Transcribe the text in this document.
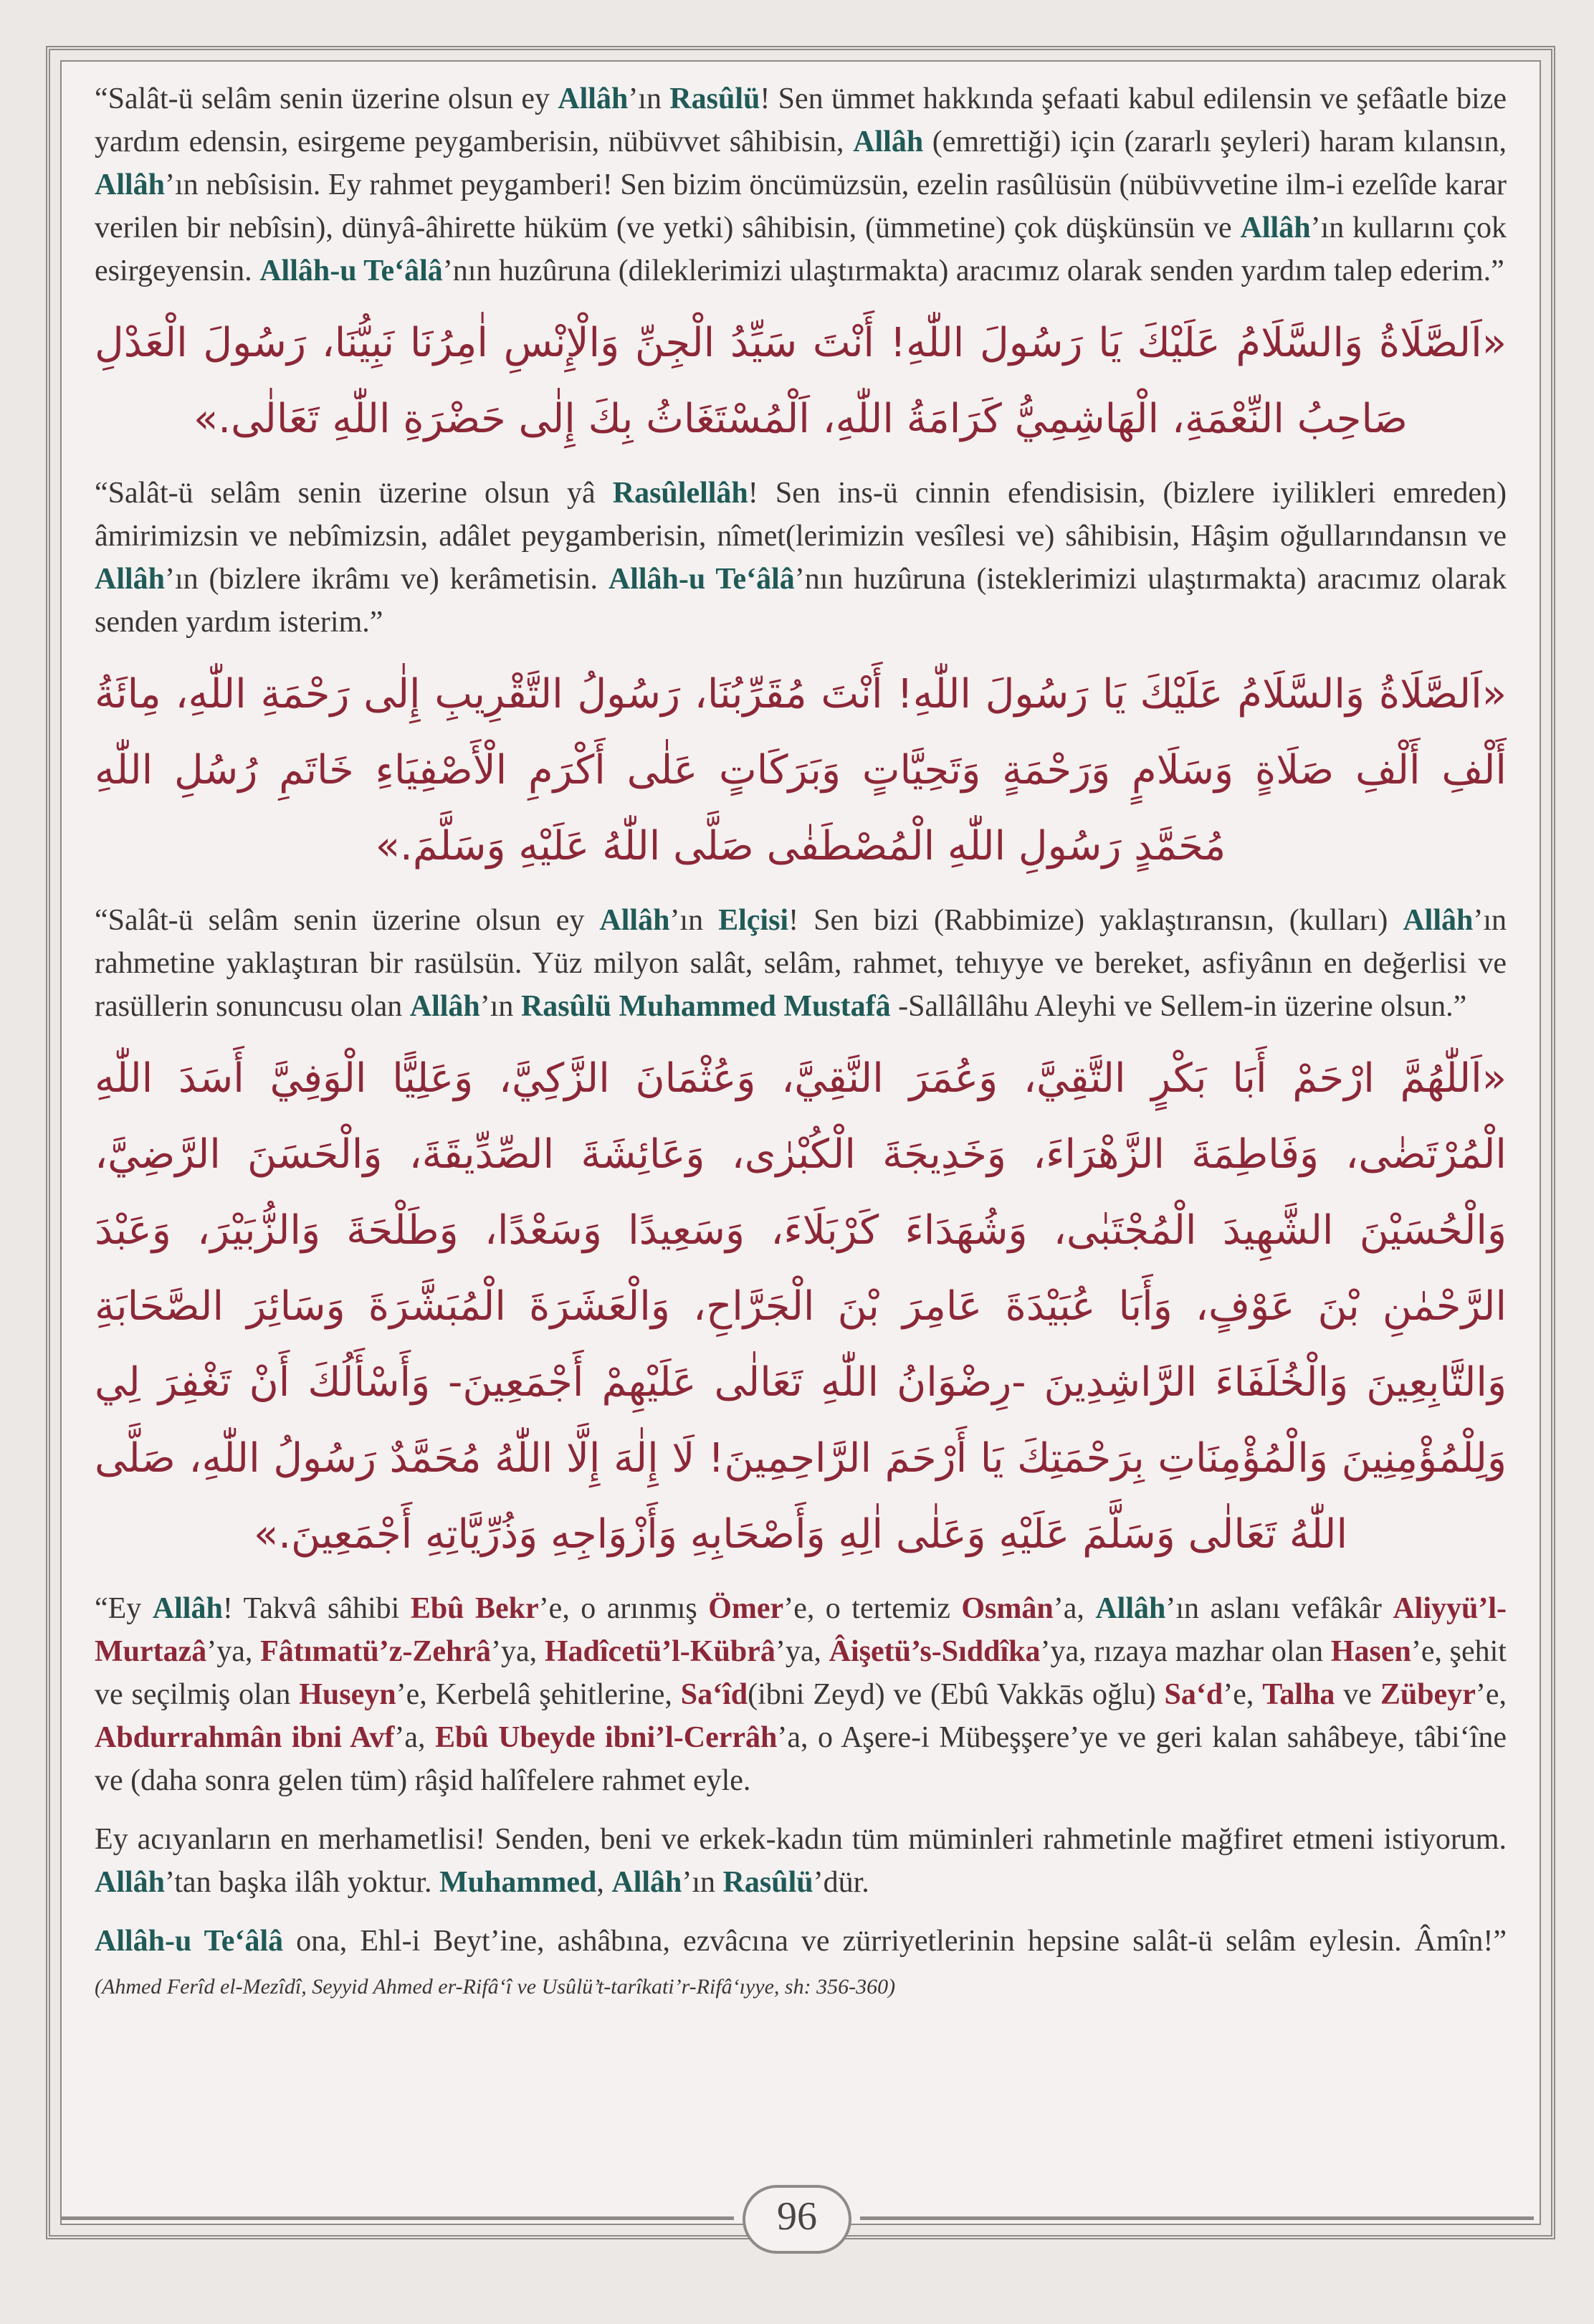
“Salât-ü selâm senin üzerine olsun ey Allâh’ın Rasûlü! Sen ümmet hakkında şefaati kabul edilensin ve şefâatle bize yardım edensin, esirgeme peygamberisin, nübüvvet sâhibisin, Allâh (emrettiği) için (zararlı şeyleri) haram kılansın, Allâh’ın nebîsisin. Ey rahmet peygamberi! Sen bizim öncümüzsün, ezelin rasûlüsün (nübüvvetine ilm-i ezelîde karar verilen bir nebîsin), dünyâ-âhirette hüküm (ve yetki) sâhibisin, (ümmetine) çok düşkünsün ve Allâh’ın kullarını çok esirgeyensin. Allâh-u Te‘âlâ’nın huzûruna (dileklerimizi ulaştırmakta) aracımız olarak senden yardım talep ederim.”

«اَلصَّلَاةُ وَالسَّلَامُ عَلَيْكَ يَا رَسُولَ اللّٰهِ! أَنْتَ سَيِّدُ الْجِنِّ وَالْإِنْسِ اٰمِرُنَا نَبِيُّنَا، رَسُولَ الْعَدْلِ صَاحِبُ النِّعْمَةِ، الْهَاشِمِيُّ كَرَامَةُ اللّٰهِ، اَلْمُسْتَغَاثُ بِكَ إِلٰى حَضْرَةِ اللّٰهِ تَعَالٰى.»

“Salât-ü selâm senin üzerine olsun yâ Rasûlellâh! Sen ins-ü cinnin efendisisin, (bizlere iyilikleri emreden) âmirimizsin ve nebîmizsin, adâlet peygamberisin, nîmet(lerimizin vesîlesi ve) sâhibisin, Hâşim oğullarındansın ve Allâh’ın (bizlere ikrâmı ve) kerâmetisin. Allâh-u Te‘âlâ’nın huzûruna (isteklerimizi ulaştırmakta) aracımız olarak senden yardım isterim.”

«اَلصَّلَاةُ وَالسَّلَامُ عَلَيْكَ يَا رَسُولَ اللّٰهِ! أَنْتَ مُقَرِّبُنَا، رَسُولُ التَّقْرِيبِ إِلٰى رَحْمَةِ اللّٰهِ، مِائَةُ أَلْفِ أَلْفِ صَلَاةٍ وَسَلَامٍ وَرَحْمَةٍ وَتَحِيَّاتٍ وَبَرَكَاتٍ عَلٰى أَكْرَمِ الْأَصْفِيَاءِ خَاتَمِ رُسُلِ اللّٰهِ مُحَمَّدٍ رَسُولِ اللّٰهِ الْمُصْطَفٰى صَلَّى اللّٰهُ عَلَيْهِ وَسَلَّمَ.»

“Salât-ü selâm senin üzerine olsun ey Allâh’ın Elçisi! Sen bizi (Rabbimize) yaklaştıransın, (kulları) Allâh’ın rahmetine yaklaştıran bir rasülsün. Yüz milyon salât, selâm, rahmet, tehıyye ve bereket, asfiyânın en değerlisi ve rasüllerin sonuncusu olan Allâh’ın Rasûlü Muhammed Mustafâ -Sallâllâhu Aleyhi ve Sellem-in üzerine olsun.”

«اَللّٰهُمَّ ارْحَمْ أَبَا بَكْرٍ التَّقِيَّ، وَعُمَرَ النَّقِيَّ، وَعُثْمَانَ الزَّكِيَّ، وَعَلِيًّا الْوَفِيَّ أَسَدَ اللّٰهِ الْمُرْتَضٰى، وَفَاطِمَةَ الزَّهْرَاءَ، وَخَدِيجَةَ الْكُبْرٰى، وَعَائِشَةَ الصِّدِّيقَةَ، وَالْحَسَنَ الرَّضِيَّ، وَالْحُسَيْنَ الشَّهِيدَ الْمُجْتَبٰى، وَشُهَدَاءَ كَرْبَلَاءَ، وَسَعِيدًا وَسَعْدًا، وَطَلْحَةَ وَالزُّبَيْرَ، وَعَبْدَ الرَّحْمٰنِ بْنَ عَوْفٍ، وَأَبَا عُبَيْدَةَ عَامِرَ بْنَ الْجَرَّاحِ، وَالْعَشَرَةَ الْمُبَشَّرَةَ وَسَائِرَ الصَّحَابَةِ وَالتَّابِعِينَ وَالْخُلَفَاءَ الرَّاشِدِينَ -رِضْوَانُ اللّٰهِ تَعَالٰى عَلَيْهِمْ أَجْمَعِينَ- وَأَسْأَلُكَ أَنْ تَغْفِرَ لِي وَلِلْمُؤْمِنِينَ وَالْمُؤْمِنَاتِ بِرَحْمَتِكَ يَا أَرْحَمَ الرَّاحِمِينَ! لَا إِلٰهَ إِلَّا اللّٰهُ مُحَمَّدٌ رَسُولُ اللّٰهِ، صَلَّى اللّٰهُ تَعَالٰى وَسَلَّمَ عَلَيْهِ وَعَلٰى اٰلِهِ وَأَصْحَابِهِ وَأَزْوَاجِهِ وَذُرِّيَّاتِهِ أَجْمَعِينَ.»

“Ey Allâh! Takvâ sâhibi Ebû Bekr’e, o arınmış Ömer’e, o tertemiz Osmân’a, Allâh’ın aslanı vefâkâr Aliyyü’l-Murtazâ’ya, Fâtımatü’z-Zehrâ’ya, Hadîcetü’l-Kübrâ’ya, Âişetü’s-Sıddîka’ya, rızaya mazhar olan Hasen’e, şehit ve seçilmiş olan Huseyn’e, Kerbelâ şehitlerine, Sa‘îd(ibni Zeyd) ve (Ebû Vakkās oğlu) Sa‘d’e, Talha ve Zübeyr’e, Abdurrahmân ibni Avf’a, Ebû Ubeyde ibni’l-Cerrâh’a, o Aşere-i Mübeşşere’ye ve geri kalan sahâbeye, tâbi‘îne ve (daha sonra gelen tüm) râşid halîfelere rahmet eyle.

Ey acıyanların en merhametlisi! Senden, beni ve erkek-kadın tüm müminleri rahmetinle mağfiret etmeni istiyorum. Allâh’tan başka ilâh yoktur. Muhammed, Allâh’ın Rasûlü’dür.

Allâh-u Te‘âlâ ona, Ehl-i Beyt’ine, ashâbına, ezvâcına ve zürriyetlerinin hepsine salât-ü selâm eylesin. Âmîn!” (Ahmed Ferîd el-Mezîdî, Seyyid Ahmed er-Rifâ‘î ve Usûlü’t-tarîkati’r-Rifâ‘ıyye, sh: 356-360)

96
